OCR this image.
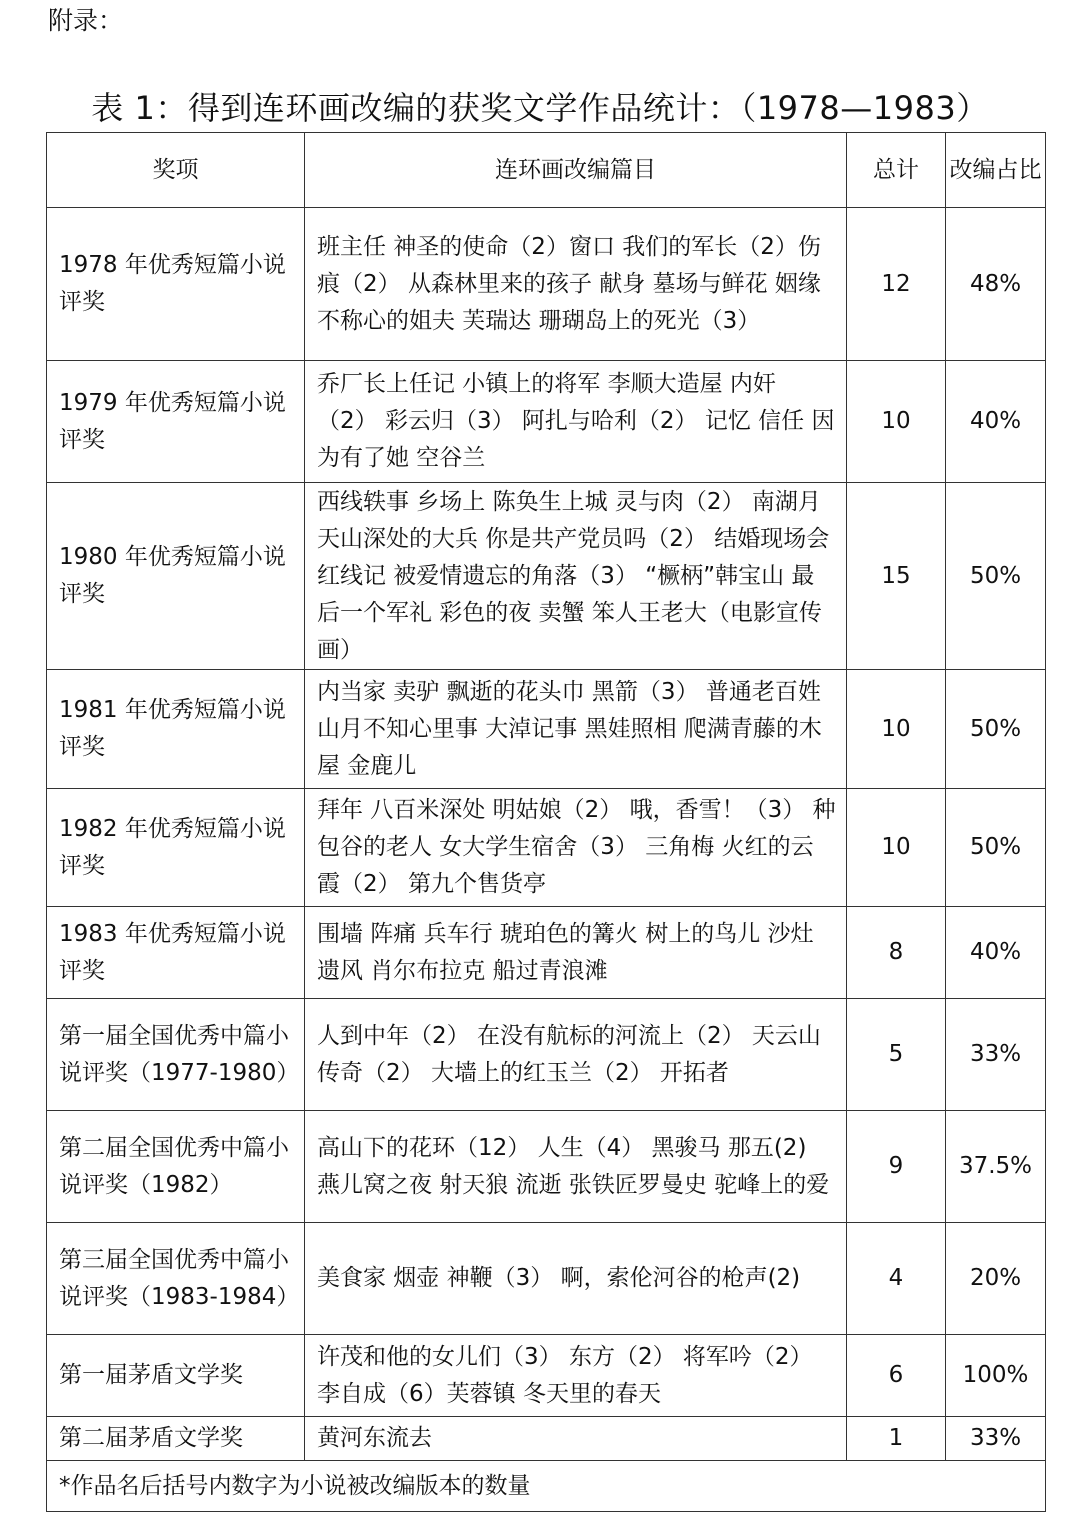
附录：
表 1：得到连环画改编的获奖文学作品统计：（1978—1983）
奖项	连环画改编篇目	总计	改编占比
1978 年优秀短篇小说评奖	班主任 神圣的使命（2）窗口 我们的军长（2）伤痕（2） 从森林里来的孩子 献身 墓场与鲜花 姻缘 不称心的姐夫 芙瑞达 珊瑚岛上的死光（3）	12	48%
1979 年优秀短篇小说评奖	乔厂长上任记 小镇上的将军 李顺大造屋 内奸（2） 彩云归（3） 阿扎与哈利（2） 记忆 信任 因为有了她 空谷兰	10	40%
1980 年优秀短篇小说评奖	西线轶事 乡场上 陈奂生上城 灵与肉（2） 南湖月 天山深处的大兵 你是共产党员吗（2） 结婚现场会 红线记 被爱情遗忘的角落（3） “橛柄”韩宝山 最后一个军礼 彩色的夜 卖蟹 笨人王老大（电影宣传画）	15	50%
1981 年优秀短篇小说评奖	内当家 卖驴 飘逝的花头巾 黑箭（3） 普通老百姓 山月不知心里事 大淖记事 黑娃照相 爬满青藤的木屋 金鹿儿	10	50%
1982 年优秀短篇小说评奖	拜年 八百米深处 明姑娘（2） 哦，香雪！（3） 种包谷的老人 女大学生宿舍（3） 三角梅 火红的云霞（2） 第九个售货亭	10	50%
1983 年优秀短篇小说评奖	围墙 阵痛 兵车行 琥珀色的篝火 树上的鸟儿 沙灶遗风 肖尔布拉克 船过青浪滩	8	40%
第一届全国优秀中篇小说评奖（1977-1980）	人到中年（2） 在没有航标的河流上（2） 天云山传奇（2） 大墙上的红玉兰（2） 开拓者	5	33%
第二届全国优秀中篇小说评奖（1982）	高山下的花环（12） 人生（4） 黑骏马 那五(2) 燕儿窝之夜 射天狼 流逝 张铁匠罗曼史 驼峰上的爱	9	37.5%
第三届全国优秀中篇小说评奖（1983-1984）	美食家 烟壶 神鞭（3） 啊，索伦河谷的枪声(2)	4	20%
第一届茅盾文学奖	许茂和他的女儿们（3） 东方（2） 将军吟（2） 李自成（6）芙蓉镇 冬天里的春天	6	100%
第二届茅盾文学奖	黄河东流去	1	33%
*作品名后括号内数字为小说被改编版本的数量			
